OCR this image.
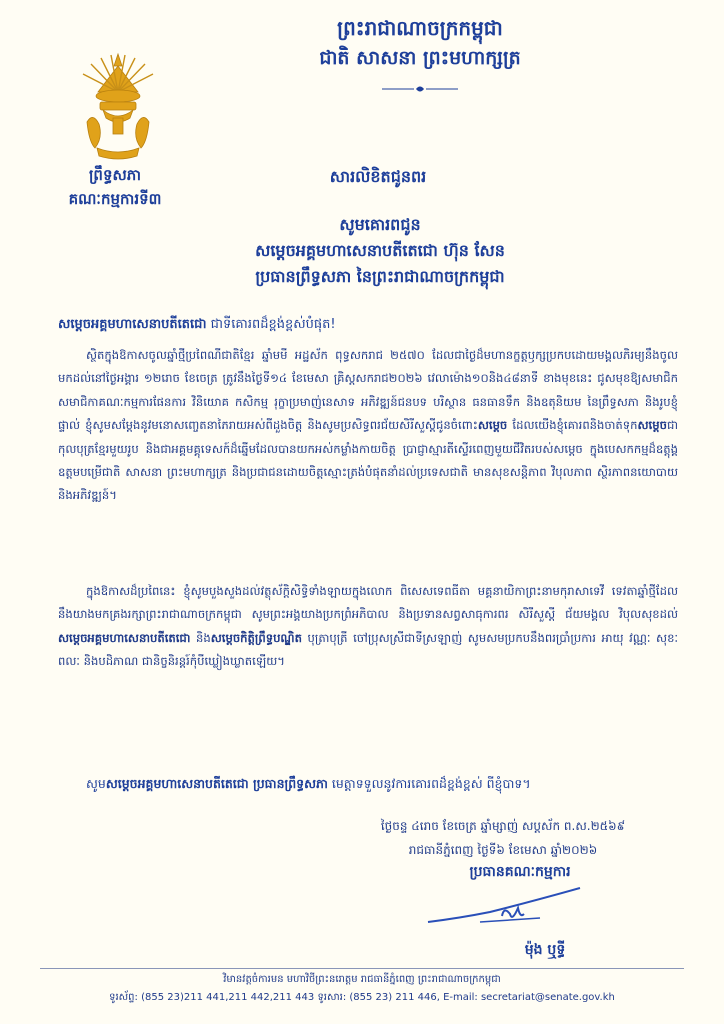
ព្រះរាជាណាចក្រកម្ពុជា
ជាតិ សាសនា ព្រះមហាក្សត្រ
ព្រឹទ្ធសភា
គណៈកម្មការទី៣
សារលិខិតជូនពរ
សូមគោរពជូន
សម្ដេចអគ្គមហាសេនាបតីតេជោ ហ៊ុន សែន
ប្រធានព្រឹទ្ធសភា នៃព្រះរាជាណាចក្រកម្ពុជា
សម្ដេចអគ្គមហាសេនាបតីតេជោ ជាទីគោរពដ៏ខ្ពង់ខ្ពស់បំផុត!
ស្ថិតក្នុងឱកាសចូលឆ្នាំថ្មីប្រពៃណីជាតិខ្មែរ ឆ្នាំមមី អដ្ឋស័ក ពុទ្ធសករាជ ២៥៧០ ដែលជាថ្ងៃដ៏មហានក្ខត្តឫក្សប្រកបដោយមង្គលភិរម្យនឹងចូលមកដល់នៅថ្ងៃអង្គារ ១២រោច ខែចេត្រ ត្រូវនឹងថ្ងៃទី១៤ ខែមេសា គ្រិស្តសករាជ២០២៦ វេលាម៉ោង១០និង៤៨នាទី ខាងមុខនេះ ជូសមុខឱ្យសមាជិក សមាជិកាគណៈកម្មការផែនការ វិនិយោគ កសិកម្ម រុក្ខាប្រមាញ់នេសាទ អភិវឌ្ឍន៍ជនបទ បរិស្ថាន ធនធានទឹក និងឧតុនិយម នៃព្រឹទ្ធសភា និងរូបខ្ញុំផ្ទាល់ ខ្ញុំសូមសម្ដែងនូវមនោសញ្ចេតនាភៃរាយអស់ពីដួងចិត្ត និងសូមប្រសិទ្ធពរជ័យសិរីសួស្ដីជូនចំពោះសម្ដេច ដែលយើងខ្ញុំគោរពនិងចាត់ទុកសម្ដេចជាកុលបុត្រខ្មែរមួយរូប និងជាអគ្គមគ្គុទេសក៍ដ៏ឆ្នើមដែលបានយកអស់កម្លាំងកាយចិត្ត ប្រាជ្ញាស្មារតីស្ទើរពេញមួយជីវិតរបស់សម្ដេច ក្នុងបេសកកម្មដ៏ឧត្ដុង្គឧត្ដមបម្រើជាតិ សាសនា ព្រះមហាក្សត្រ និងប្រជាជនដោយចិត្តស្មោះត្រង់បំផុតនាំដល់ប្រទេសជាតិ មានសុខសន្តិភាព វិបុលភាព ស្ថិរភាពនយោបាយ និងអភិវឌ្ឍន៍។
ក្នុងឱកាសដ៏ប្រពៃនេះ ខ្ញុំសូមបួងសួងដល់វត្ថុស័ក្តិសិទ្ធិទាំងឡាយក្នុងលោក ពិសេសទេពធីតា មគ្គនាយិកាព្រះនាមកុរាសាទេវី ទេវតាឆ្នាំថ្មីដែលនឹងយាងមកគ្រងរក្សាព្រះរាជាណាចក្រកម្ពុជា សូមព្រះអង្គយាងប្រកព្រំអភិបាល និងប្រទានសព្វសាធុការពរ សិរីសួស្ដី ជ័យមង្គល វិបុលសុខដល់ សម្ដេចអគ្គមហាសេនាបតីតេជោ និងសម្ដេចកិត្តិព្រឹទ្ធបណ្ឌិត បុត្រាបុត្រី ចៅប្រុសស្រីជាទីស្រឡាញ់ សូមសមប្រកបនឹងពរប្រាំប្រការ អាយុ វណ្ណៈ សុខៈ ពលៈ និងបដិភាណ ជានិច្ចនិរន្តរ៍កុំបីឃ្លៀងឃ្លាតឡើយ។
សូមសម្ដេចអគ្គមហាសេនាបតីតេជោ ប្រធានព្រឹទ្ធសភា មេត្តាទទួលនូវការគោរពដ៏ខ្ពង់ខ្ពស់ ពីខ្ញុំបាទ។
ថ្ងៃចន្ទ ៤រោច ខែចេត្រ ឆ្នាំម្សាញ់ សប្តស័ក ព.ស.២៥៦៩
រាជធានីភ្នំពេញ ថ្ងៃទី៦ ខែមេសា ឆ្នាំ២០២៦
ប្រធានគណៈកម្មការ
ម៉ុង ឬទ្ធី
វិមានវត្តចំការមន មហាវិថីព្រះនរោត្តម រាជធានីភ្នំពេញ ព្រះរាជាណាចក្រកម្ពុជា
ទូរស័ព្ទ: (855 23)211 441,211 442,211 443 ទូរសារ: (855 23) 211 446, E-mail: secretariat@senate.gov.kh
